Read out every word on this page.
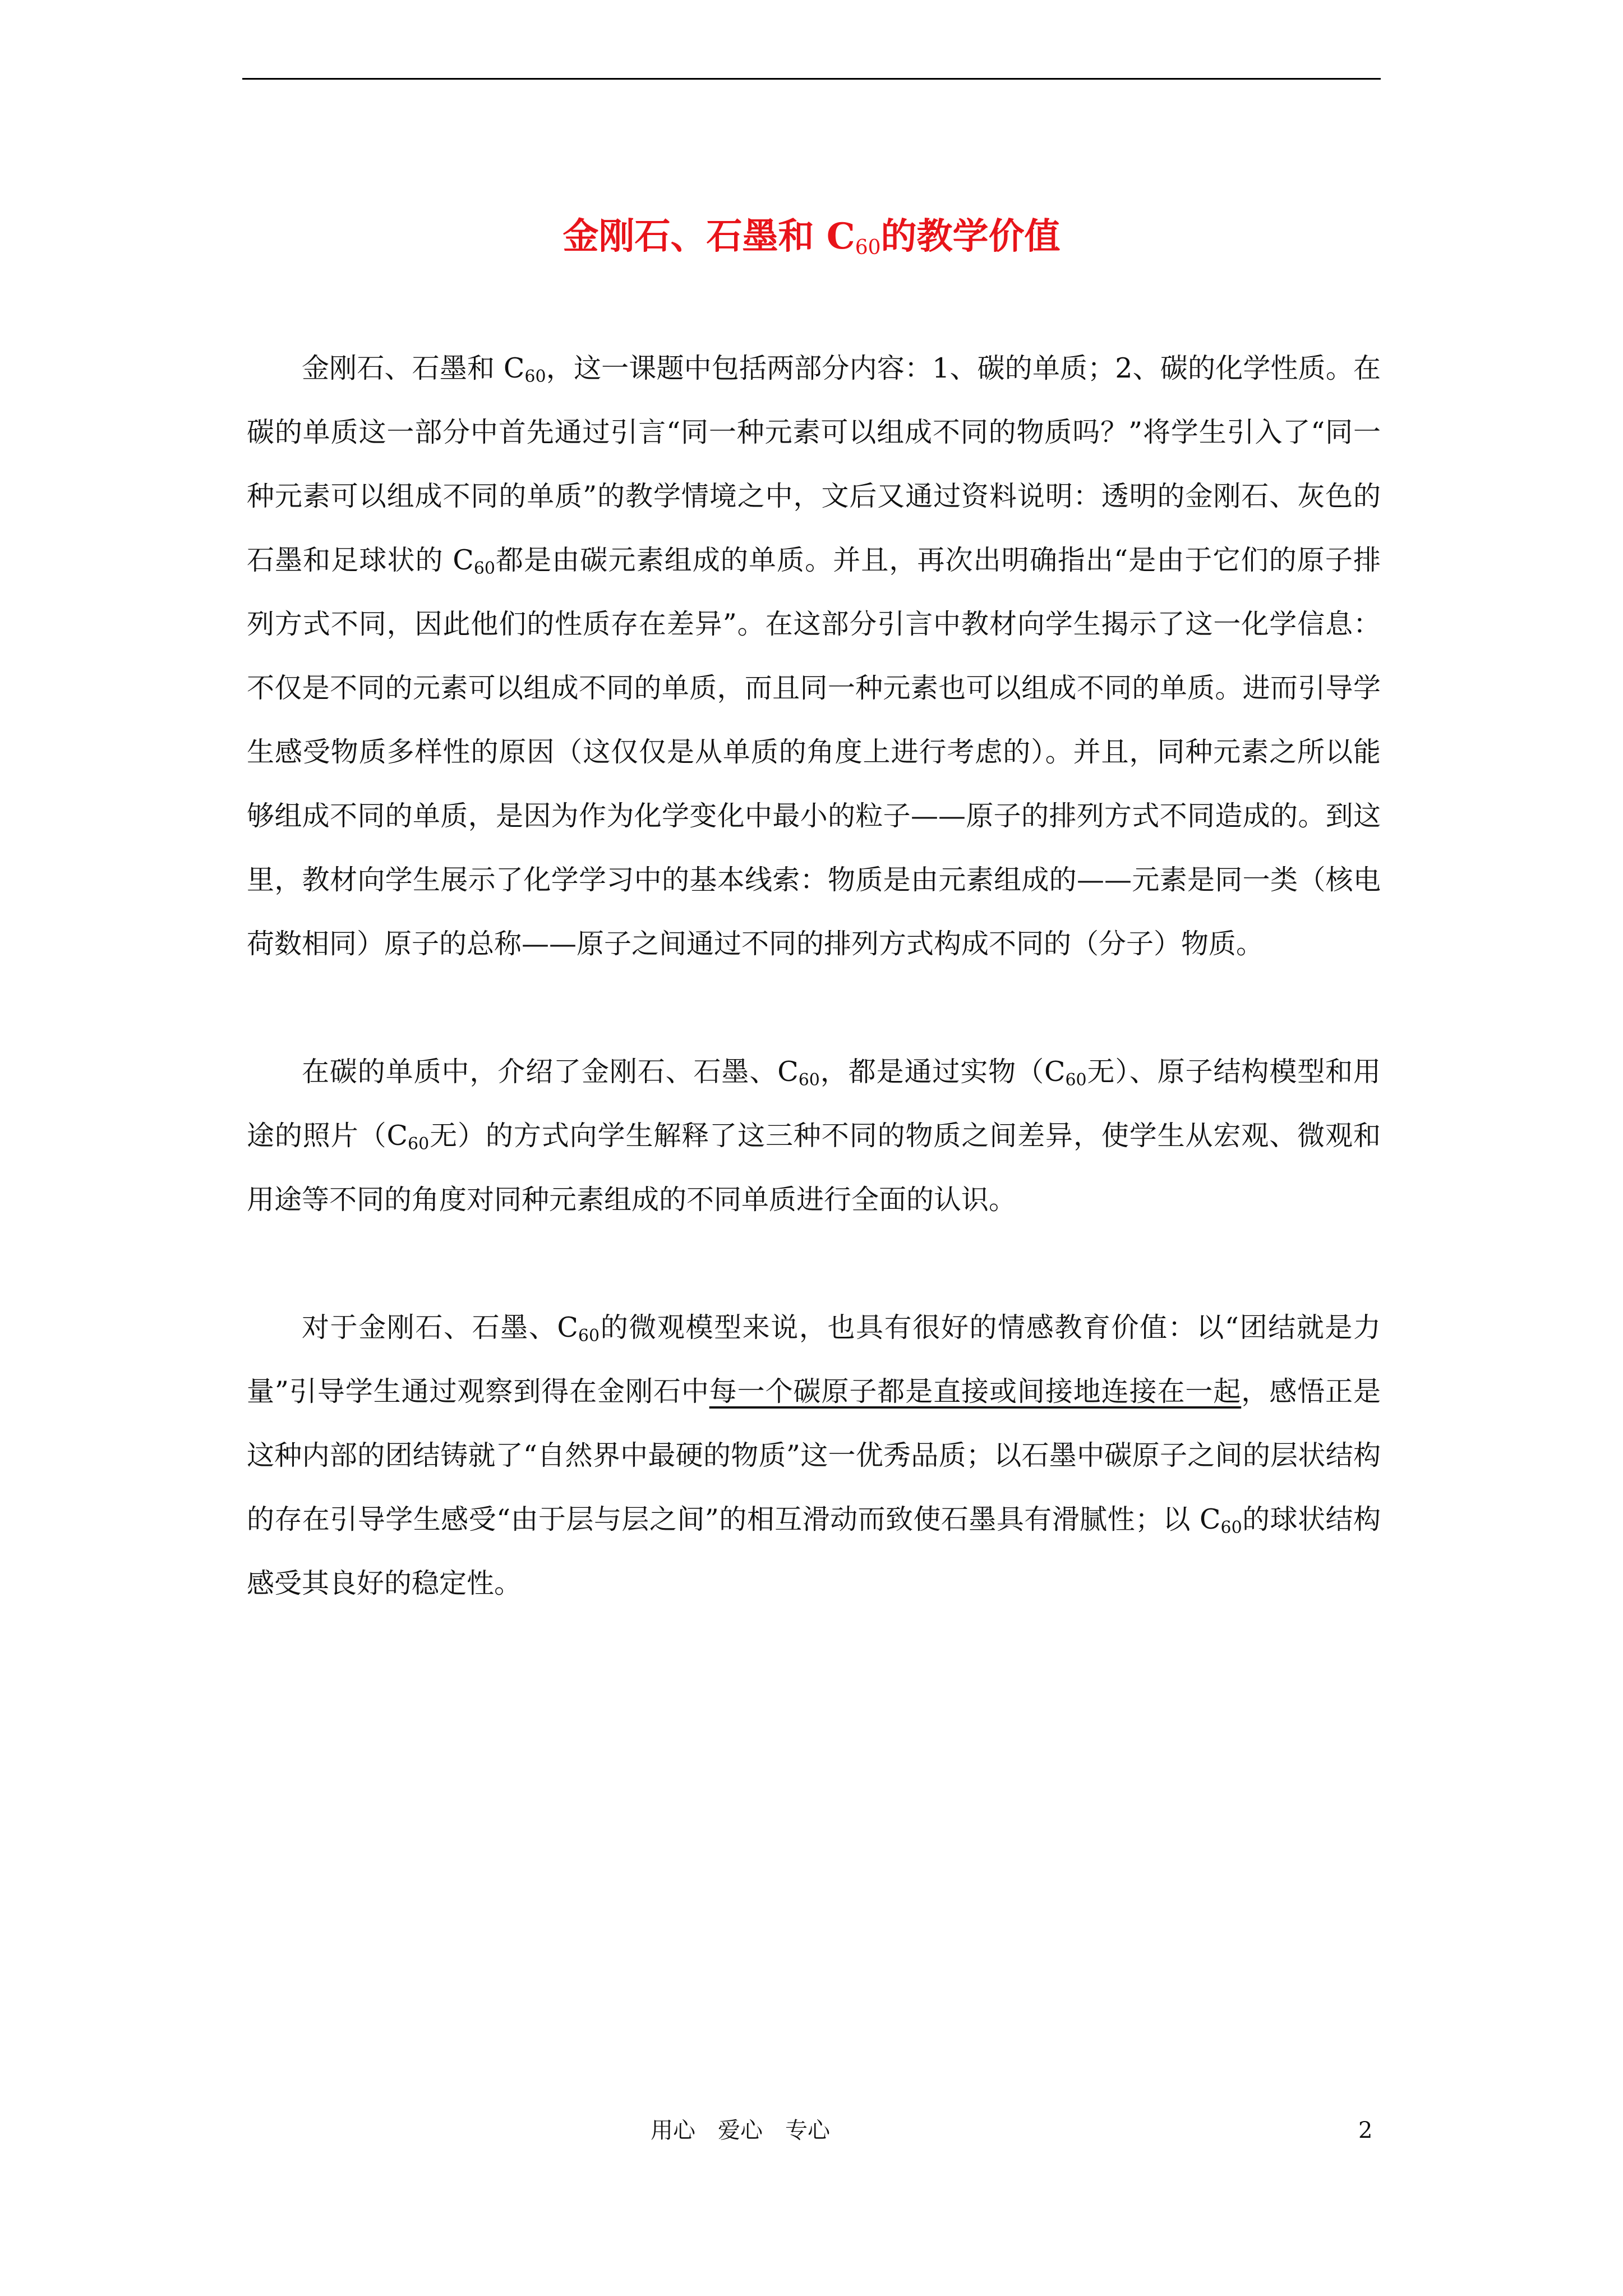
金刚石、石墨和 $C_{60}$的教学价值

金刚石、石墨和 $C_{60}$，这一课题中包括两部分内容：1、碳的单质；2、碳的化学性质。在碳的单质这一部分中首先通过引言“同一种元素可以组成不同的物质吗？”将学生引入了“同一种元素可以组成不同的单质”的教学情境之中，文后又通过资料说明：透明的金刚石、灰色的石墨和足球状的 $C_{60}$都是由碳元素组成的单质。并且，再次出明确指出“是由于它们的原子排列方式不同，因此他们的性质存在差异”。在这部分引言中教材向学生揭示了这一化学信息：不仅是不同的元素可以组成不同的单质，而且同一种元素也可以组成不同的单质。进而引导学生感受物质多样性的原因（这仅仅是从单质的角度上进行考虑的）。并且，同种元素之所以能够组成不同的单质，是因为作为化学变化中最小的粒子——原子的排列方式不同造成的。到这里，教材向学生展示了化学学习中的基本线索：物质是由元素组成的——元素是同一类（核电荷数相同）原子的总称——原子之间通过不同的排列方式构成不同的（分子）物质。

在碳的单质中，介绍了金刚石、石墨、$C_{60}$，都是通过实物（$C_{60}$无）、原子结构模型和用途的照片（$C_{60}$无）的方式向学生解释了这三种不同的物质之间差异，使学生从宏观、微观和用途等不同的角度对同种元素组成的不同单质进行全面的认识。

对于金刚石、石墨、$C_{60}$的微观模型来说，也具有很好的情感教育价值：以“团结就是力量”引导学生通过观察到得在金刚石中每一个碳原子都是直接或间接地连接在一起，感悟正是这种内部的团结铸就了“自然界中最硬的物质”这一优秀品质；以石墨中碳原子之间的层状结构的存在引导学生感受“由于层与层之间”的相互滑动而致使石墨具有滑腻性；以 $C_{60}$的球状结构感受其良好的稳定性。

用心　爱心　专心	2
